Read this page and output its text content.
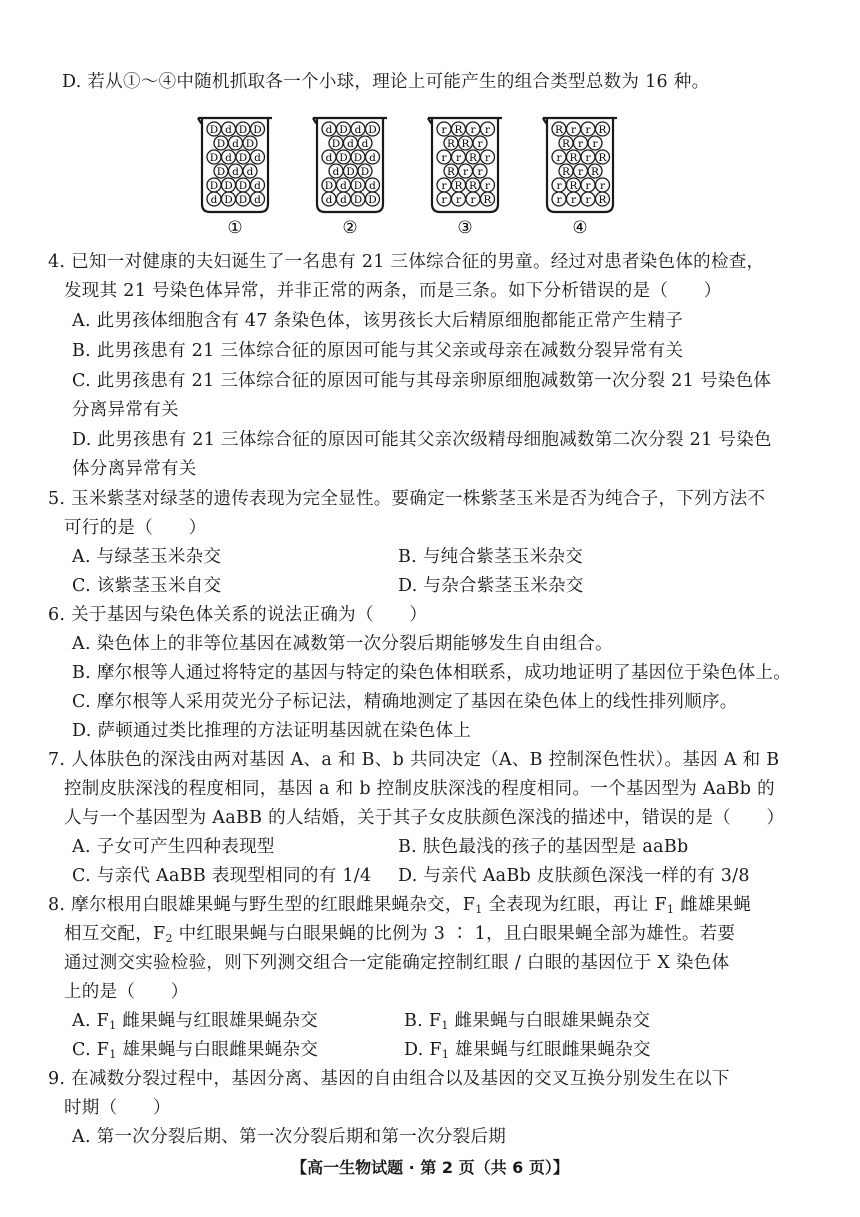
D. 若从①～④中随机抓取各一个小球，理论上可能产生的组合类型总数为 16 种。
D d D D
D d D
D d D d
D d d
D D D d
d D D d
①
d D d D
D d d
d D D d
d D D
D d D d
d d D D
②
r R r r
R R r
r r R r
R r r
r R R r
r r r R
③
R r r R
R r r
r R r R
R r R
r R r r
r r r R
④
4. 已知一对健康的夫妇诞生了一名患有 21 三体综合征的男童。经过对患者染色体的检查，
发现其 21 号染色体异常，并非正常的两条，而是三条。如下分析错误的是（　　）
A. 此男孩体细胞含有 47 条染色体，该男孩长大后精原细胞都能正常产生精子
B. 此男孩患有 21 三体综合征的原因可能与其父亲或母亲在减数分裂异常有关
C. 此男孩患有 21 三体综合征的原因可能与其母亲卵原细胞减数第一次分裂 21 号染色体
分离异常有关
D. 此男孩患有 21 三体综合征的原因可能其父亲次级精母细胞减数第二次分裂 21 号染色
体分离异常有关
5. 玉米紫茎对绿茎的遗传表现为完全显性。要确定一株紫茎玉米是否为纯合子，下列方法不
可行的是（　　）
A. 与绿茎玉米杂交	B. 与纯合紫茎玉米杂交
C. 该紫茎玉米自交	D. 与杂合紫茎玉米杂交
6. 关于基因与染色体关系的说法正确为（　　）
A. 染色体上的非等位基因在减数第一次分裂后期能够发生自由组合。
B. 摩尔根等人通过将特定的基因与特定的染色体相联系，成功地证明了基因位于染色体上。
C. 摩尔根等人采用荧光分子标记法，精确地测定了基因在染色体上的线性排列顺序。
D. 萨顿通过类比推理的方法证明基因就在染色体上
7. 人体肤色的深浅由两对基因 A、a 和 B、b 共同决定（A、B 控制深色性状）。基因 A 和 B
控制皮肤深浅的程度相同，基因 a 和 b 控制皮肤深浅的程度相同。一个基因型为 AaBb 的
人与一个基因型为 AaBB 的人结婚，关于其子女皮肤颜色深浅的描述中，错误的是（　　）
A. 子女可产生四种表现型	B. 肤色最浅的孩子的基因型是 aaBb
C. 与亲代 AaBB 表现型相同的有 1/4 D. 与亲代 AaBb 皮肤颜色深浅一样的有 3/8
8. 摩尔根用白眼雄果蝇与野生型的红眼雌果蝇杂交，$F_1$ 全表现为红眼，再让 $F_1$ 雌雄果蝇
相互交配，$F_2$ 中红眼果蝇与白眼果蝇的比例为 3 ∶ 1，且白眼果蝇全部为雄性。若要
通过测交实验检验，则下列测交组合一定能确定控制红眼 / 白眼的基因位于 X 染色体
上的是（　　）
A. $F_1$ 雌果蝇与红眼雄果蝇杂交	B. $F_1$ 雌果蝇与白眼雄果蝇杂交
C. $F_1$ 雄果蝇与白眼雌果蝇杂交	D. $F_1$ 雄果蝇与红眼雌果蝇杂交
9. 在减数分裂过程中，基因分离、基因的自由组合以及基因的交叉互换分别发生在以下
时期（　　）
A. 第一次分裂后期、第一次分裂后期和第一次分裂后期
【高一生物试题 · 第 2 页（共 6 页）】
